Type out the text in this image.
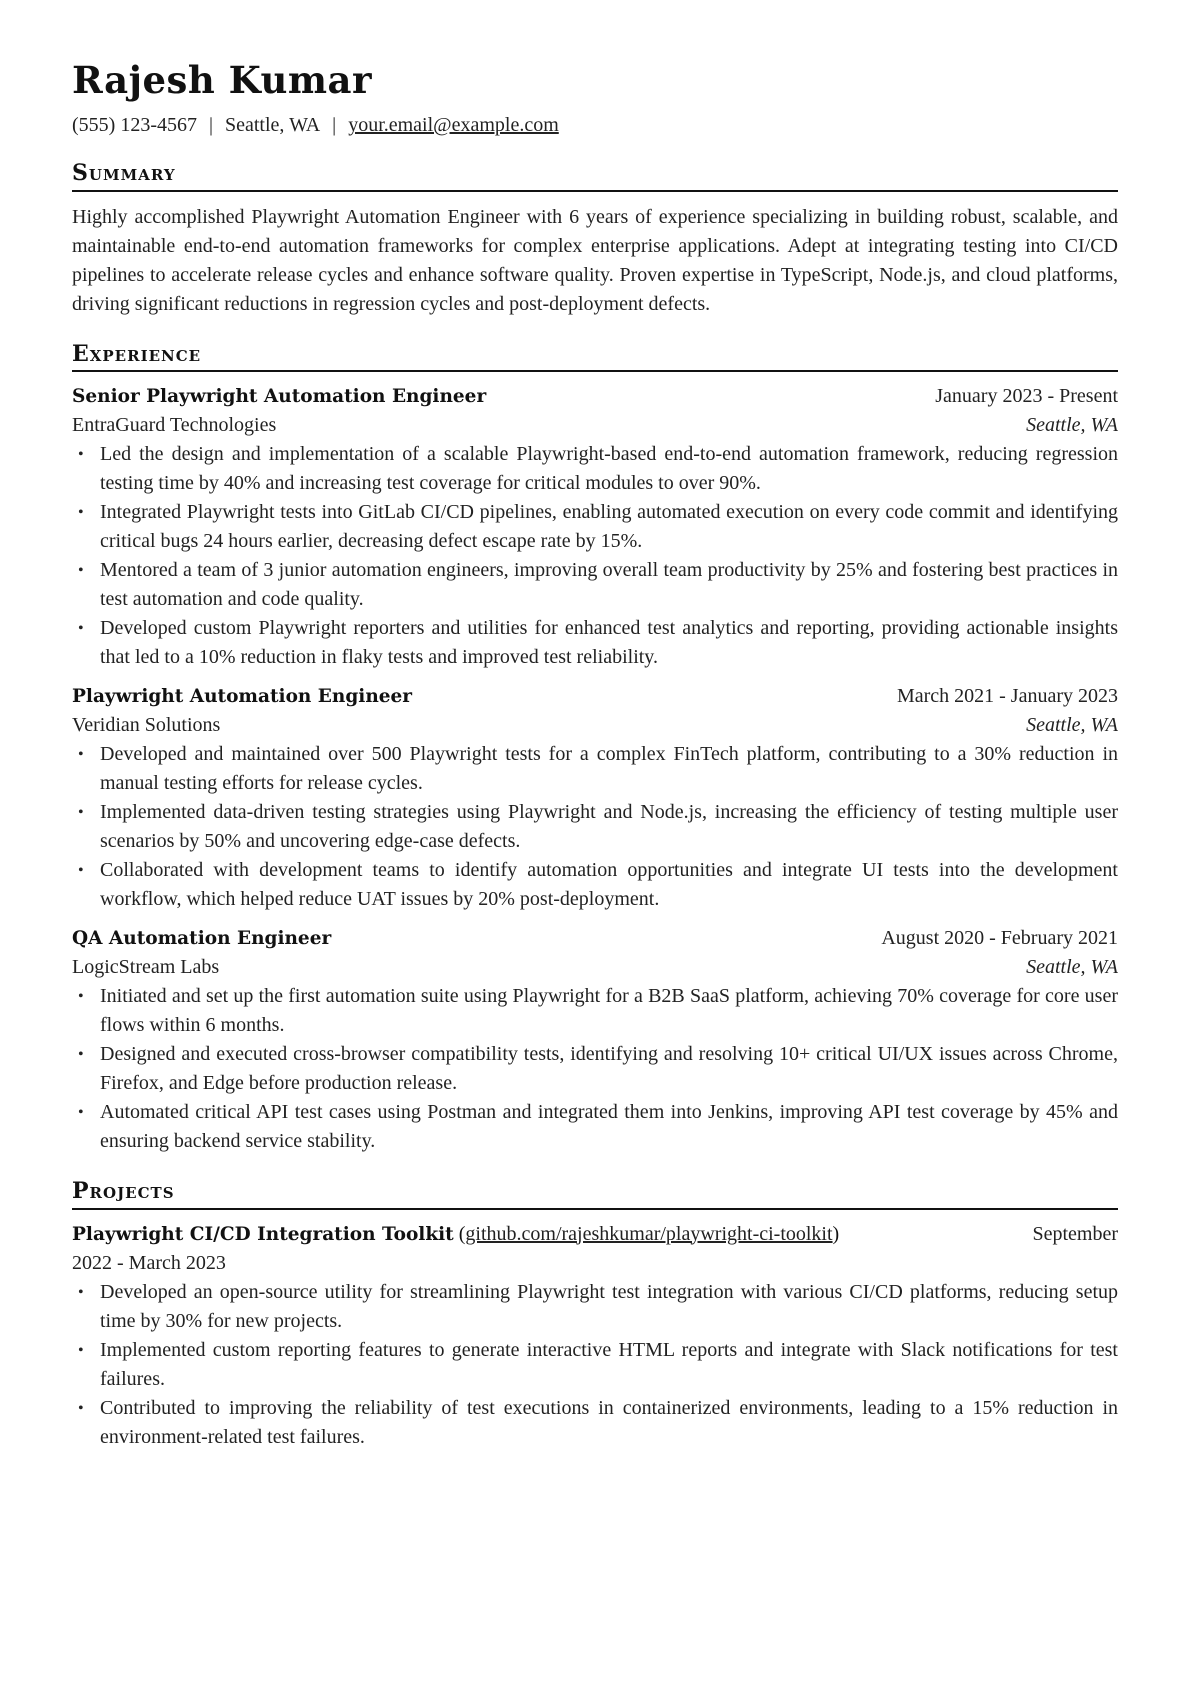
Rajesh Kumar
(555) 123-4567 | Seattle, WA | your.email@example.com
Summary
Highly accomplished Playwright Automation Engineer with 6 years of experience specializing in building robust, scalable, and maintainable end-to-end automation frameworks for complex enterprise applications. Adept at integrating testing into CI/CD pipelines to accelerate release cycles and enhance software quality. Proven expertise in TypeScript, Node.js, and cloud platforms, driving significant reductions in regression cycles and post-deployment defects.
Experience
Senior Playwright Automation Engineer	January 2023 - Present
EntraGuard Technologies	Seattle, WA
• Led the design and implementation of a scalable Playwright-based end-to-end automation framework, reducing regression testing time by 40% and increasing test coverage for critical modules to over 90%.
• Integrated Playwright tests into GitLab CI/CD pipelines, enabling automated execution on every code commit and identifying critical bugs 24 hours earlier, decreasing defect escape rate by 15%.
• Mentored a team of 3 junior automation engineers, improving overall team productivity by 25% and fostering best practices in test automation and code quality.
• Developed custom Playwright reporters and utilities for enhanced test analytics and reporting, providing actionable insights that led to a 10% reduction in flaky tests and improved test reliability.
Playwright Automation Engineer	March 2021 - January 2023
Veridian Solutions	Seattle, WA
• Developed and maintained over 500 Playwright tests for a complex FinTech platform, contributing to a 30% reduction in manual testing efforts for release cycles.
• Implemented data-driven testing strategies using Playwright and Node.js, increasing the efficiency of testing multiple user scenarios by 50% and uncovering edge-case defects.
• Collaborated with development teams to identify automation opportunities and integrate UI tests into the development workflow, which helped reduce UAT issues by 20% post-deployment.
QA Automation Engineer	August 2020 - February 2021
LogicStream Labs	Seattle, WA
• Initiated and set up the first automation suite using Playwright for a B2B SaaS platform, achieving 70% coverage for core user flows within 6 months.
• Designed and executed cross-browser compatibility tests, identifying and resolving 10+ critical UI/UX issues across Chrome, Firefox, and Edge before production release.
• Automated critical API test cases using Postman and integrated them into Jenkins, improving API test coverage by 45% and ensuring backend service stability.
Projects
Playwright CI/CD Integration Toolkit (github.com/rajeshkumar/playwright-ci-toolkit)	September
2022 - March 2023
• Developed an open-source utility for streamlining Playwright test integration with various CI/CD platforms, reducing setup time by 30% for new projects.
• Implemented custom reporting features to generate interactive HTML reports and integrate with Slack notifications for test failures.
• Contributed to improving the reliability of test executions in containerized environments, leading to a 15% reduction in environment-related test failures.
